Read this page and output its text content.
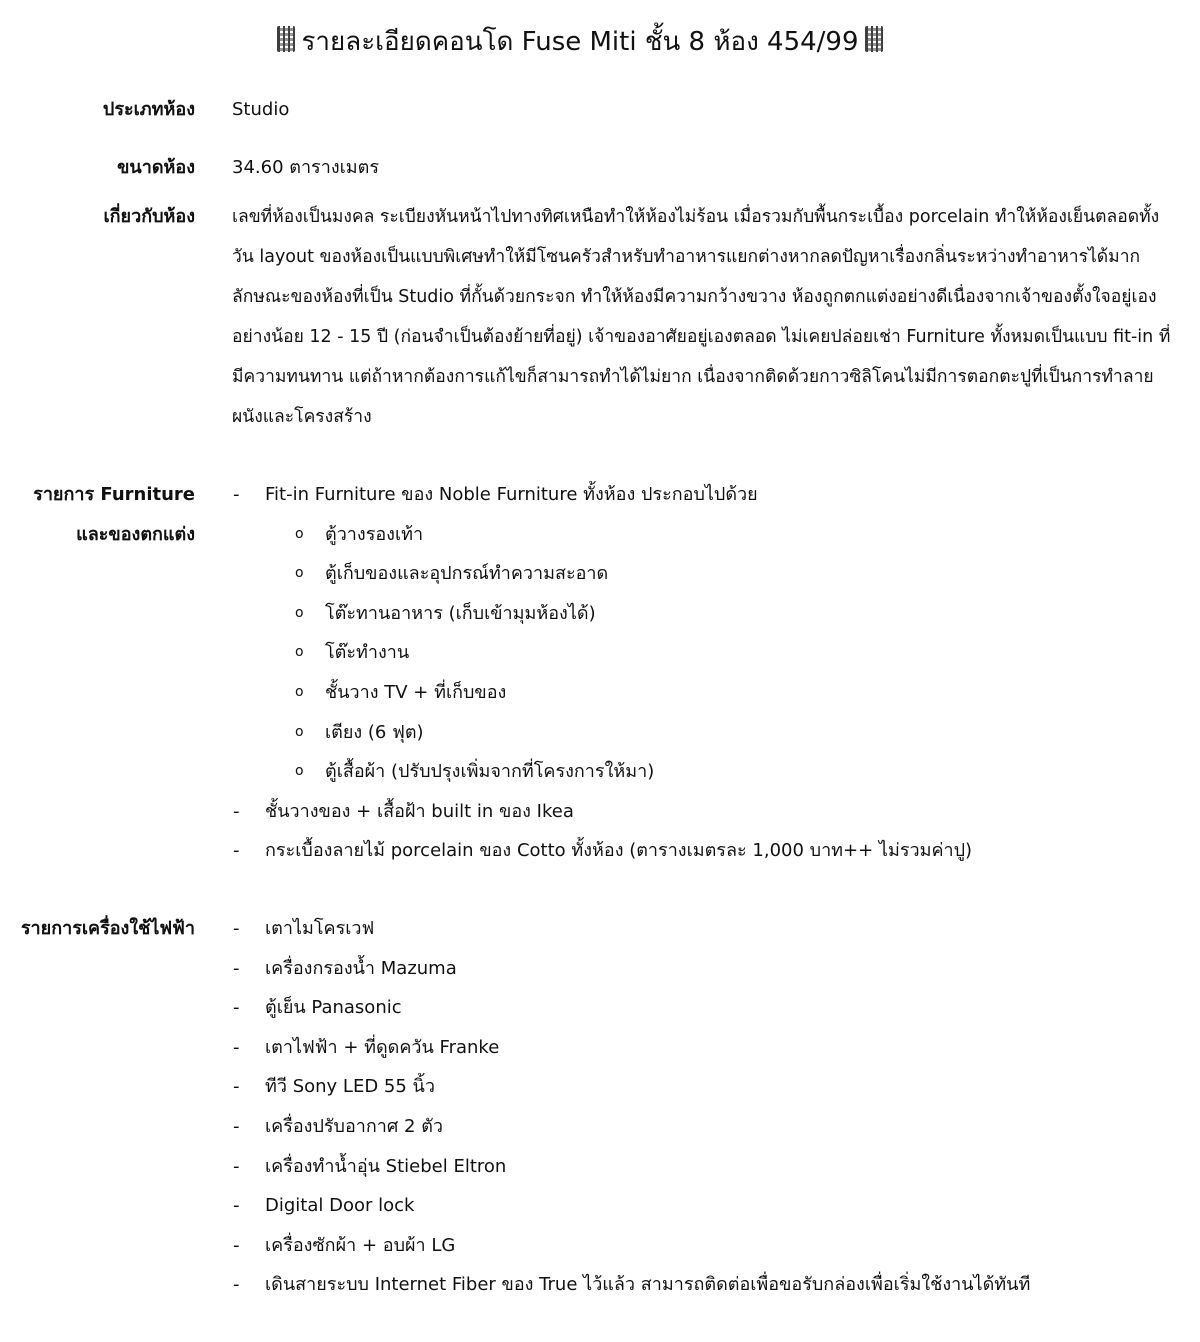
รายละเอียดคอนโด Fuse Miti ชั้น 8 ห้อง 454/99
ประเภทห้อง Studio
ขนาดห้อง 34.60 ตารางเมตร
เกี่ยวกับห้อง เลขที่ห้องเป็นมงคล ระเบียงหันหน้าไปทางทิศเหนือทำให้ห้องไม่ร้อน เมื่อรวมกับพื้นกระเบื้อง porcelain ทำให้ห้องเย็นตลอดทั้งวัน layout ของห้องเป็นแบบพิเศษทำให้มีโซนครัวสำหรับทำอาหารแยกต่างหากลดปัญหาเรื่องกลิ่นระหว่างทำอาหารได้มาก

ลักษณะของห้องที่เป็น Studio ที่กั้นด้วยกระจก ทำให้ห้องมีความกว้างขวาง ห้องถูกตกแต่งอย่างดีเนื่องจากเจ้าของตั้งใจอยู่เองอย่างน้อย 12 - 15 ปี (ก่อนจำเป็นต้องย้ายที่อยู่) เจ้าของอาศัยอยู่เองตลอด ไม่เคยปล่อยเช่า Furniture ทั้งหมดเป็นแบบ fit-in ที่มีความทนทาน แต่ถ้าหากต้องการแก้ไขก็สามารถทำได้ไม่ยาก เนื่องจากติดด้วยกาวซิลิโคนไม่มีการตอกตะปูที่เป็นการทำลายผนังและโครงสร้าง

รายการ Furniture
และของตกแต่ง
- Fit-in Furniture ของ Noble Furniture ทั้งห้อง ประกอบไปด้วย
o ตู้วางรองเท้า
o ตู้เก็บของและอุปกรณ์ทำความสะอาด
o โต๊ะทานอาหาร (เก็บเข้ามุมห้องได้)
o โต๊ะทำงาน
o ชั้นวาง TV + ที่เก็บของ
o เตียง (6 ฟุต)
o ตู้เสื้อผ้า (ปรับปรุงเพิ่มจากที่โครงการให้มา)
- ชั้นวางของ + เสื้อฝ้า built in ของ Ikea
- กระเบื้องลายไม้ porcelain ของ Cotto ทั้งห้อง (ตารางเมตรละ 1,000 บาท++ ไม่รวมค่าปู)
รายการเครื่องใช้ไฟฟ้า - เตาไมโครเวฟ
- เครื่องกรองน้ำ Mazuma
- ตู้เย็น Panasonic
- เตาไฟฟ้า + ที่ดูดควัน Franke
- ทีวี Sony LED 55 นิ้ว
- เครื่องปรับอากาศ 2 ตัว
- เครื่องทำน้ำอุ่น Stiebel Eltron
- Digital Door lock
- เครื่องซักผ้า + อบผ้า LG
- เดินสายระบบ Internet Fiber ของ True ไว้แล้ว สามารถติดต่อเพื่อขอรับกล่องเพื่อเริ่มใช้งานได้ทันที
